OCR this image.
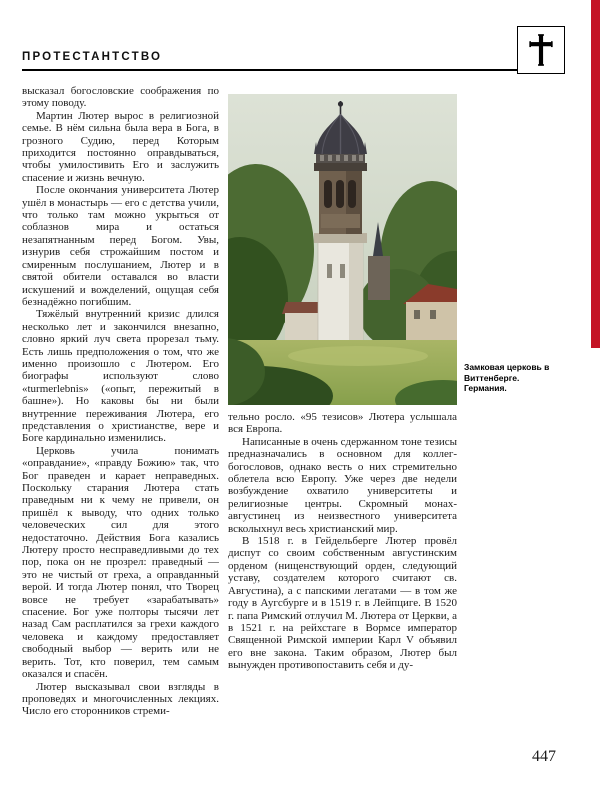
ПРОТЕСТАНТСТВО

высказал богословские соображения по этому поводу.

Мартин Лютер вырос в религиозной семье. В нём сильна была вера в Бога, в грозного Судию, перед Которым приходится постоянно оправдываться, чтобы умилостивить Его и заслужить спасение и жизнь вечную.

После окончания университета Лютер ушёл в монастырь — его с детства учили, что только там можно укрыться от соблазнов мира и остаться незапятнанным перед Богом. Увы, изнурив себя строжайшим постом и смиренным послушанием, Лютер и в святой обители оставался во власти искушений и вожделений, ощущая себя безнадёжно погибшим.

Тяжёлый внутренний кризис длился несколько лет и закончился внезапно, словно яркий луч света прорезал тьму. Есть лишь предположения о том, что же именно произошло с Лютером. Его биографы используют слово «turmerlebnis» («опыт, пережитый в башне»). Но каковы бы ни были внутренние переживания Лютера, его представления о христианстве, вере и Боге кардинально изменились.

Церковь учила понимать «оправдание», «правду Божию» так, что Бог праведен и карает неправедных. Поскольку старания Лютера стать праведным ни к чему не привели, он пришёл к выводу, что одних только человеческих сил для этого недостаточно. Действия Бога казались Лютеру просто несправедливыми до тех пор, пока он не прозрел: праведный — это не чистый от греха, а оправданный верой. И тогда Лютер понял, что Творец вовсе не требует «зарабатывать» спасение. Бог уже полторы тысячи лет назад Сам расплатился за грехи каждого человека и каждому предоставляет свободный выбор — верить или не верить. Тот, кто поверил, тем самым оказался и спасён.

Лютер высказывал свои взгляды в проповедях и многочисленных лекциях. Число его сторонников стреми-

Замковая церковь в Виттенберге. Германия.

тельно росло. «95 тезисов» Лютера услышала вся Европа.

Написанные в очень сдержанном тоне тезисы предназначались в основном для коллег-богословов, однако весть о них стремительно облетела всю Европу. Уже через две недели возбуждение охватило университеты и религиозные центры. Скромный монах-августинец из неизвестного университета всколыхнул весь христианский мир.

В 1518 г. в Гейдельберге Лютер провёл диспут со своим собственным августинским орденом (нищенствующий орден, следующий уставу, создателем которого считают св. Августина), а с папскими легатами — в том же году в Аугсбурге и в 1519 г. в Лейпциге. В 1520 г. папа Римский отлучил М. Лютера от Церкви, а в 1521 г. на рейхстаге в Вормсе император Священной Римской империи Карл V объявил его вне закона. Таким образом, Лютер был вынужден противопоставить себя и ду-

447
